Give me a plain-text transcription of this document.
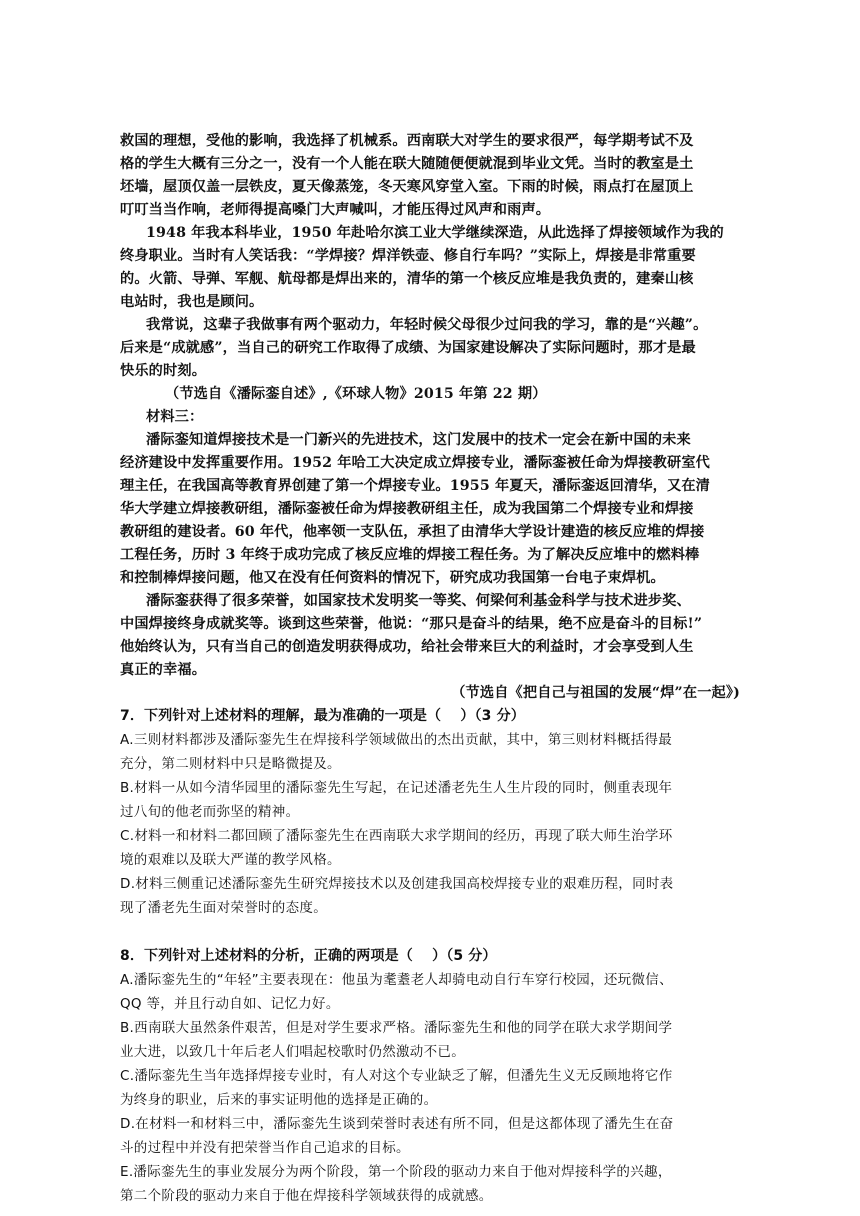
救国的理想，受他的影响，我选择了机械系。西南联大对学生的要求很严，每学期考试不及
格的学生大概有三分之一，没有一个人能在联大随随便便就混到毕业文凭。当时的教室是土
坯墙，屋顶仅盖一层铁皮，夏天像蒸笼，冬天寒风穿堂入室。下雨的时候，雨点打在屋顶上
叮叮当当作响，老师得提高嗓门大声喊叫，才能压得过风声和雨声。
1948 年我本科毕业，1950 年赴哈尔滨工业大学继续深造，从此选择了焊接领域作为我的
终身职业。当时有人笑话我：“学焊接？焊洋铁壶、修自行车吗？”实际上，焊接是非常重要
的。火箭、导弹、军舰、航母都是焊出来的，清华的第一个核反应堆是我负责的，建秦山核
电站时，我也是顾问。
我常说，这辈子我做事有两个驱动力，年轻时候父母很少过问我的学习，靠的是“兴趣”。
后来是“成就感”，当自己的研究工作取得了成绩、为国家建设解决了实际问题时，那才是最
快乐的时刻。
（节选自《潘际銮自述》,《环球人物》2015 年第 22 期）
材料三：
潘际銮知道焊接技术是一门新兴的先进技术，这门发展中的技术一定会在新中国的未来
经济建设中发挥重要作用。1952 年哈工大决定成立焊接专业，潘际銮被任命为焊接教研室代
理主任，在我国高等教育界创建了第一个焊接专业。1955 年夏天，潘际銮返回清华，又在清
华大学建立焊接教研组，潘际銮被任命为焊接教研组主任，成为我国第二个焊接专业和焊接
教研组的建设者。60 年代，他率领一支队伍，承担了由清华大学设计建造的核反应堆的焊接
工程任务，历时 3 年终于成功完成了核反应堆的焊接工程任务。为了解决反应堆中的燃料棒
和控制棒焊接问题，他又在没有任何资料的情况下，研究成功我国第一台电子束焊机。
潘际銮获得了很多荣誉，如国家技术发明奖一等奖、何梁何利基金科学与技术进步奖、
中国焊接终身成就奖等。谈到这些荣誉，他说：“那只是奋斗的结果，绝不应是奋斗的目标!”
他始终认为，只有当自己的创造发明获得成功，给社会带来巨大的利益时，才会享受到人生
真正的幸福。
（节选自《把自己与祖国的发展“焊”在一起》)
7．下列针对上述材料的理解，最为准确的一项是（　 ）（3 分）
A.三则材料都涉及潘际銮先生在焊接科学领域做出的杰出贡献，其中，第三则材料概括得最
充分，第二则材料中只是略微提及。
B.材料一从如今清华园里的潘际銮先生写起，在记述潘老先生人生片段的同时，侧重表现年
过八旬的他老而弥坚的精神。
C.材料一和材料二都回顾了潘际銮先生在西南联大求学期间的经历，再现了联大师生治学环
境的艰难以及联大严谨的教学风格。
D.材料三侧重记述潘际銮先生研究焊接技术以及创建我国高校焊接专业的艰难历程，同时表
现了潘老先生面对荣誉时的态度。
8．下列针对上述材料的分析，正确的两项是（　 ）（5 分）
A.潘际銮先生的“年轻”主要表现在：他虽为耄耋老人却骑电动自行车穿行校园，还玩微信、
QQ 等，并且行动自如、记忆力好。
B.西南联大虽然条件艰苦，但是对学生要求严格。潘际銮先生和他的同学在联大求学期间学
业大进，以致几十年后老人们唱起校歌时仍然激动不已。
C.潘际銮先生当年选择焊接专业时，有人对这个专业缺乏了解，但潘先生义无反顾地将它作
为终身的职业，后来的事实证明他的选择是正确的。
D.在材料一和材料三中，潘际銮先生谈到荣誉时表述有所不同，但是这都体现了潘先生在奋
斗的过程中并没有把荣誉当作自己追求的目标。
E.潘际銮先生的事业发展分为两个阶段，第一个阶段的驱动力来自于他对焊接科学的兴趣，
第二个阶段的驱动力来自于他在焊接科学领域获得的成就感。
